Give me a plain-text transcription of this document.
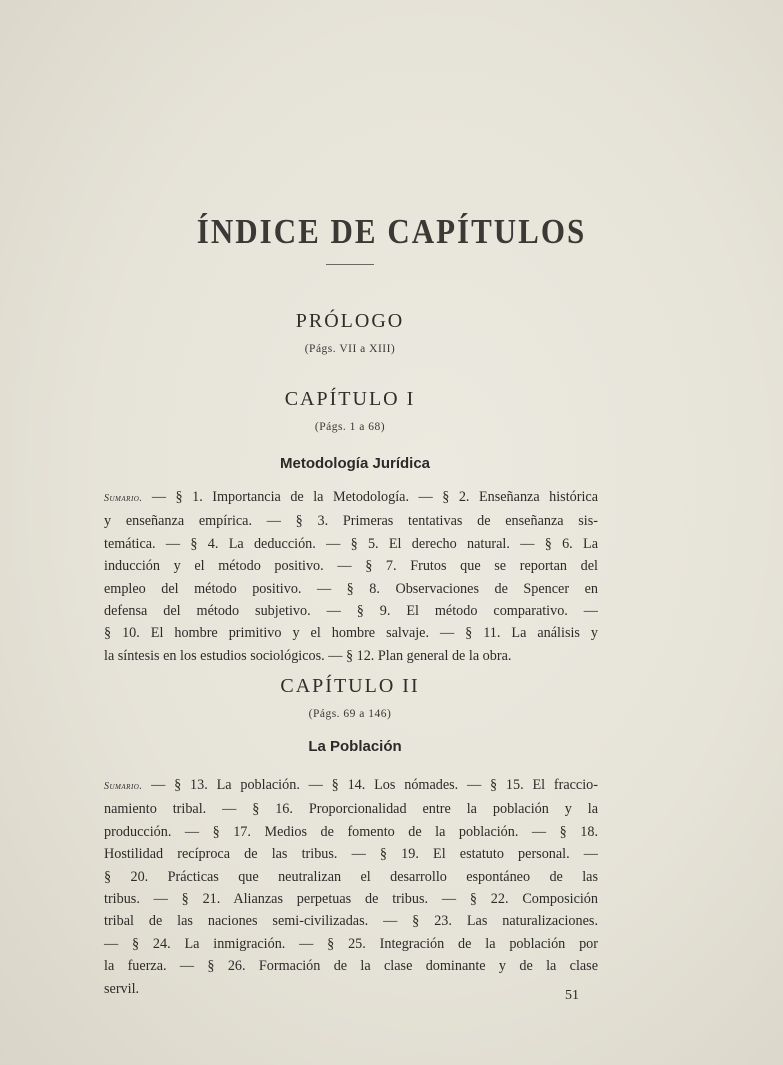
ÍNDICE DE CAPÍTULOS
PRÓLOGO
(Págs. VII a XIII)
CAPÍTULO I
(Págs. 1 a 68)
Metodología Jurídica
Sumario. — § 1. Importancia de la Metodología. — § 2. Enseñanza histórica
y enseñanza empírica. — § 3. Primeras tentativas de enseñanza sis-
temática. — § 4. La deducción. — § 5. El derecho natural. — § 6. La
inducción y el método positivo. — § 7. Frutos que se reportan del
empleo del método positivo. — § 8. Observaciones de Spencer en
defensa del método subjetivo. — § 9. El método comparativo. —
§ 10. El hombre primitivo y el hombre salvaje. — § 11. La análisis y
la síntesis en los estudios sociológicos. — § 12. Plan general de la obra.
CAPÍTULO II
(Págs. 69 a 146)
La Población
Sumario. — § 13. La población. — § 14. Los nómades. — § 15. El fraccio-
namiento tribal. — § 16. Proporcionalidad entre la población y la
producción. — § 17. Medios de fomento de la población. — § 18.
Hostilidad recíproca de las tribus. — § 19. El estatuto personal. —
§ 20. Prácticas que neutralizan el desarrollo espontáneo de las
tribus. — § 21. Alianzas perpetuas de tribus. — § 22. Composición
tribal de las naciones semi-civilizadas. — § 23. Las naturalizaciones.
— § 24. La inmigración. — § 25. Integración de la población por
la fuerza. — § 26. Formación de la clase dominante y de la clase
servil.	51
